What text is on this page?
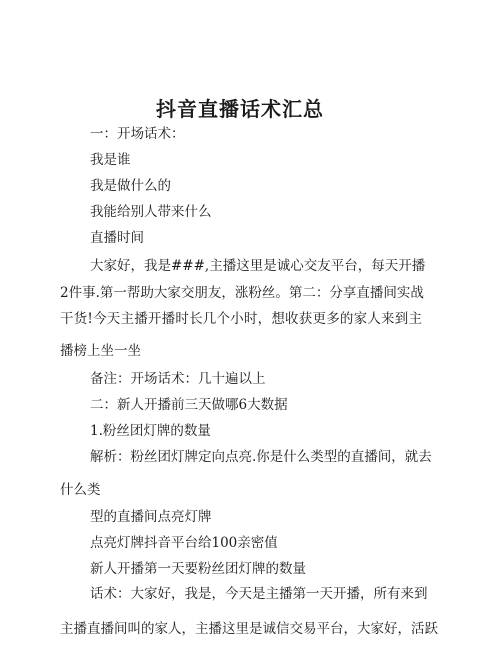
抖音直播话术汇总
一：开场话术：
我是谁
我是做什么的
我能给别人带来什么
直播时间
大家好，我是###,主播这里是诚心交友平台，每天开播
2件事.第一帮助大家交朋友，涨粉丝。第二：分享直播间实战
干货!今天主播开播时长几个小时，想收获更多的家人来到主
播榜上坐一坐
备注：开场话术：几十遍以上
二：新人开播前三天做哪6大数据
1.粉丝团灯牌的数量
解析：粉丝团灯牌定向点亮.你是什么类型的直播间，就去
什么类
型的直播间点亮灯牌
点亮灯牌抖音平台给100亲密值
新人开播第一天要粉丝团灯牌的数量
话术：大家好，我是，今天是主播第一天开播，所有来到
主播直播间叫的家人，主播这里是诚信交易平台，大家好，活跃
